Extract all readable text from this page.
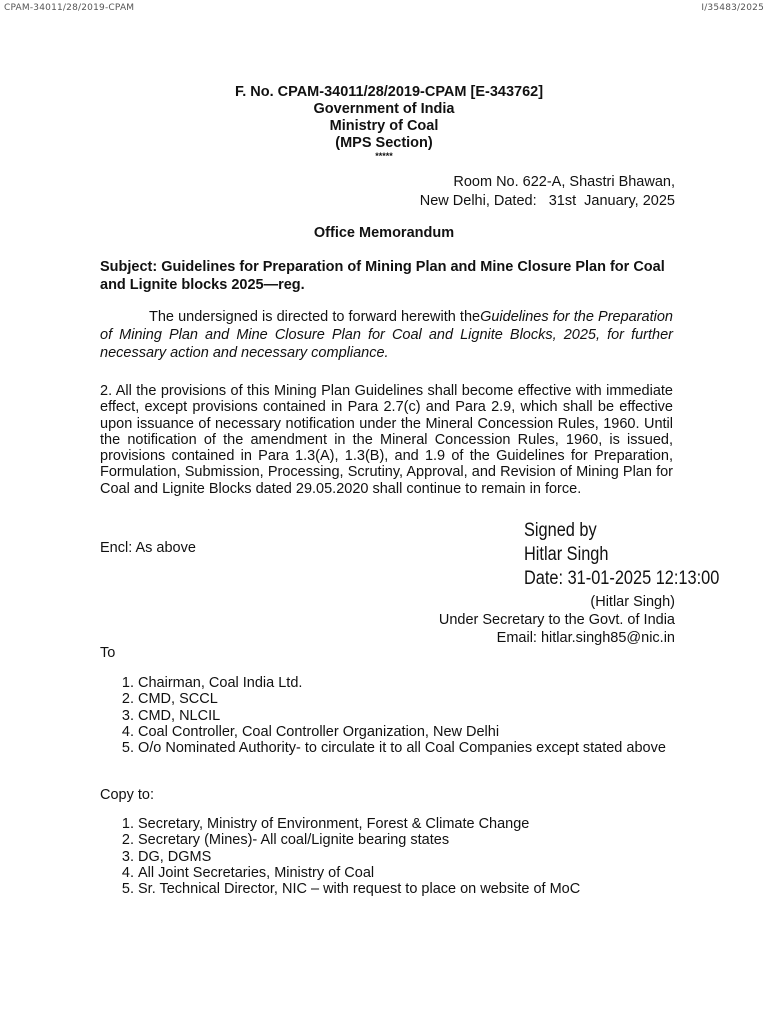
CPAM-34011/28/2019-CPAM	I/35483/2025
F. No. CPAM-34011/28/2019-CPAM [E-343762]
Government of India
Ministry of Coal
(MPS Section)
*****
Room No. 622-A, Shastri Bhawan,
New Delhi, Dated:   31st  January, 2025
Office Memorandum
Subject: Guidelines for Preparation of Mining Plan and Mine Closure Plan for Coal and Lignite blocks 2025—reg.
The undersigned is directed to forward herewith theGuidelines for the Preparation of Mining Plan and Mine Closure Plan for Coal and Lignite Blocks, 2025, for further necessary action and necessary compliance.
2. All the provisions of this Mining Plan Guidelines shall become effective with immediate effect, except provisions contained in Para 2.7(c) and Para 2.9, which shall be effective upon issuance of necessary notification under the Mineral Concession Rules, 1960. Until the notification of the amendment in the Mineral Concession Rules, 1960, is issued, provisions contained in Para 1.3(A), 1.3(B), and 1.9 of the Guidelines for Preparation, Formulation, Submission, Processing, Scrutiny, Approval, and Revision of Mining Plan for Coal and Lignite Blocks dated 29.05.2020 shall continue to remain in force.
Encl: As above
Signed by
Hitlar Singh
Date: 31-01-2025 12:13:00
(Hitlar Singh)
Under Secretary to the Govt. of India
Email: hitlar.singh85@nic.in
To
1. Chairman, Coal India Ltd.
2. CMD, SCCL
3. CMD, NLCIL
4. Coal Controller, Coal Controller Organization, New Delhi
5. O/o Nominated Authority- to circulate it to all Coal Companies except stated above
Copy to:
1. Secretary, Ministry of Environment, Forest & Climate Change
2. Secretary (Mines)- All coal/Lignite bearing states
3. DG, DGMS
4. All Joint Secretaries, Ministry of Coal
5. Sr. Technical Director, NIC – with request to place on website of MoC
